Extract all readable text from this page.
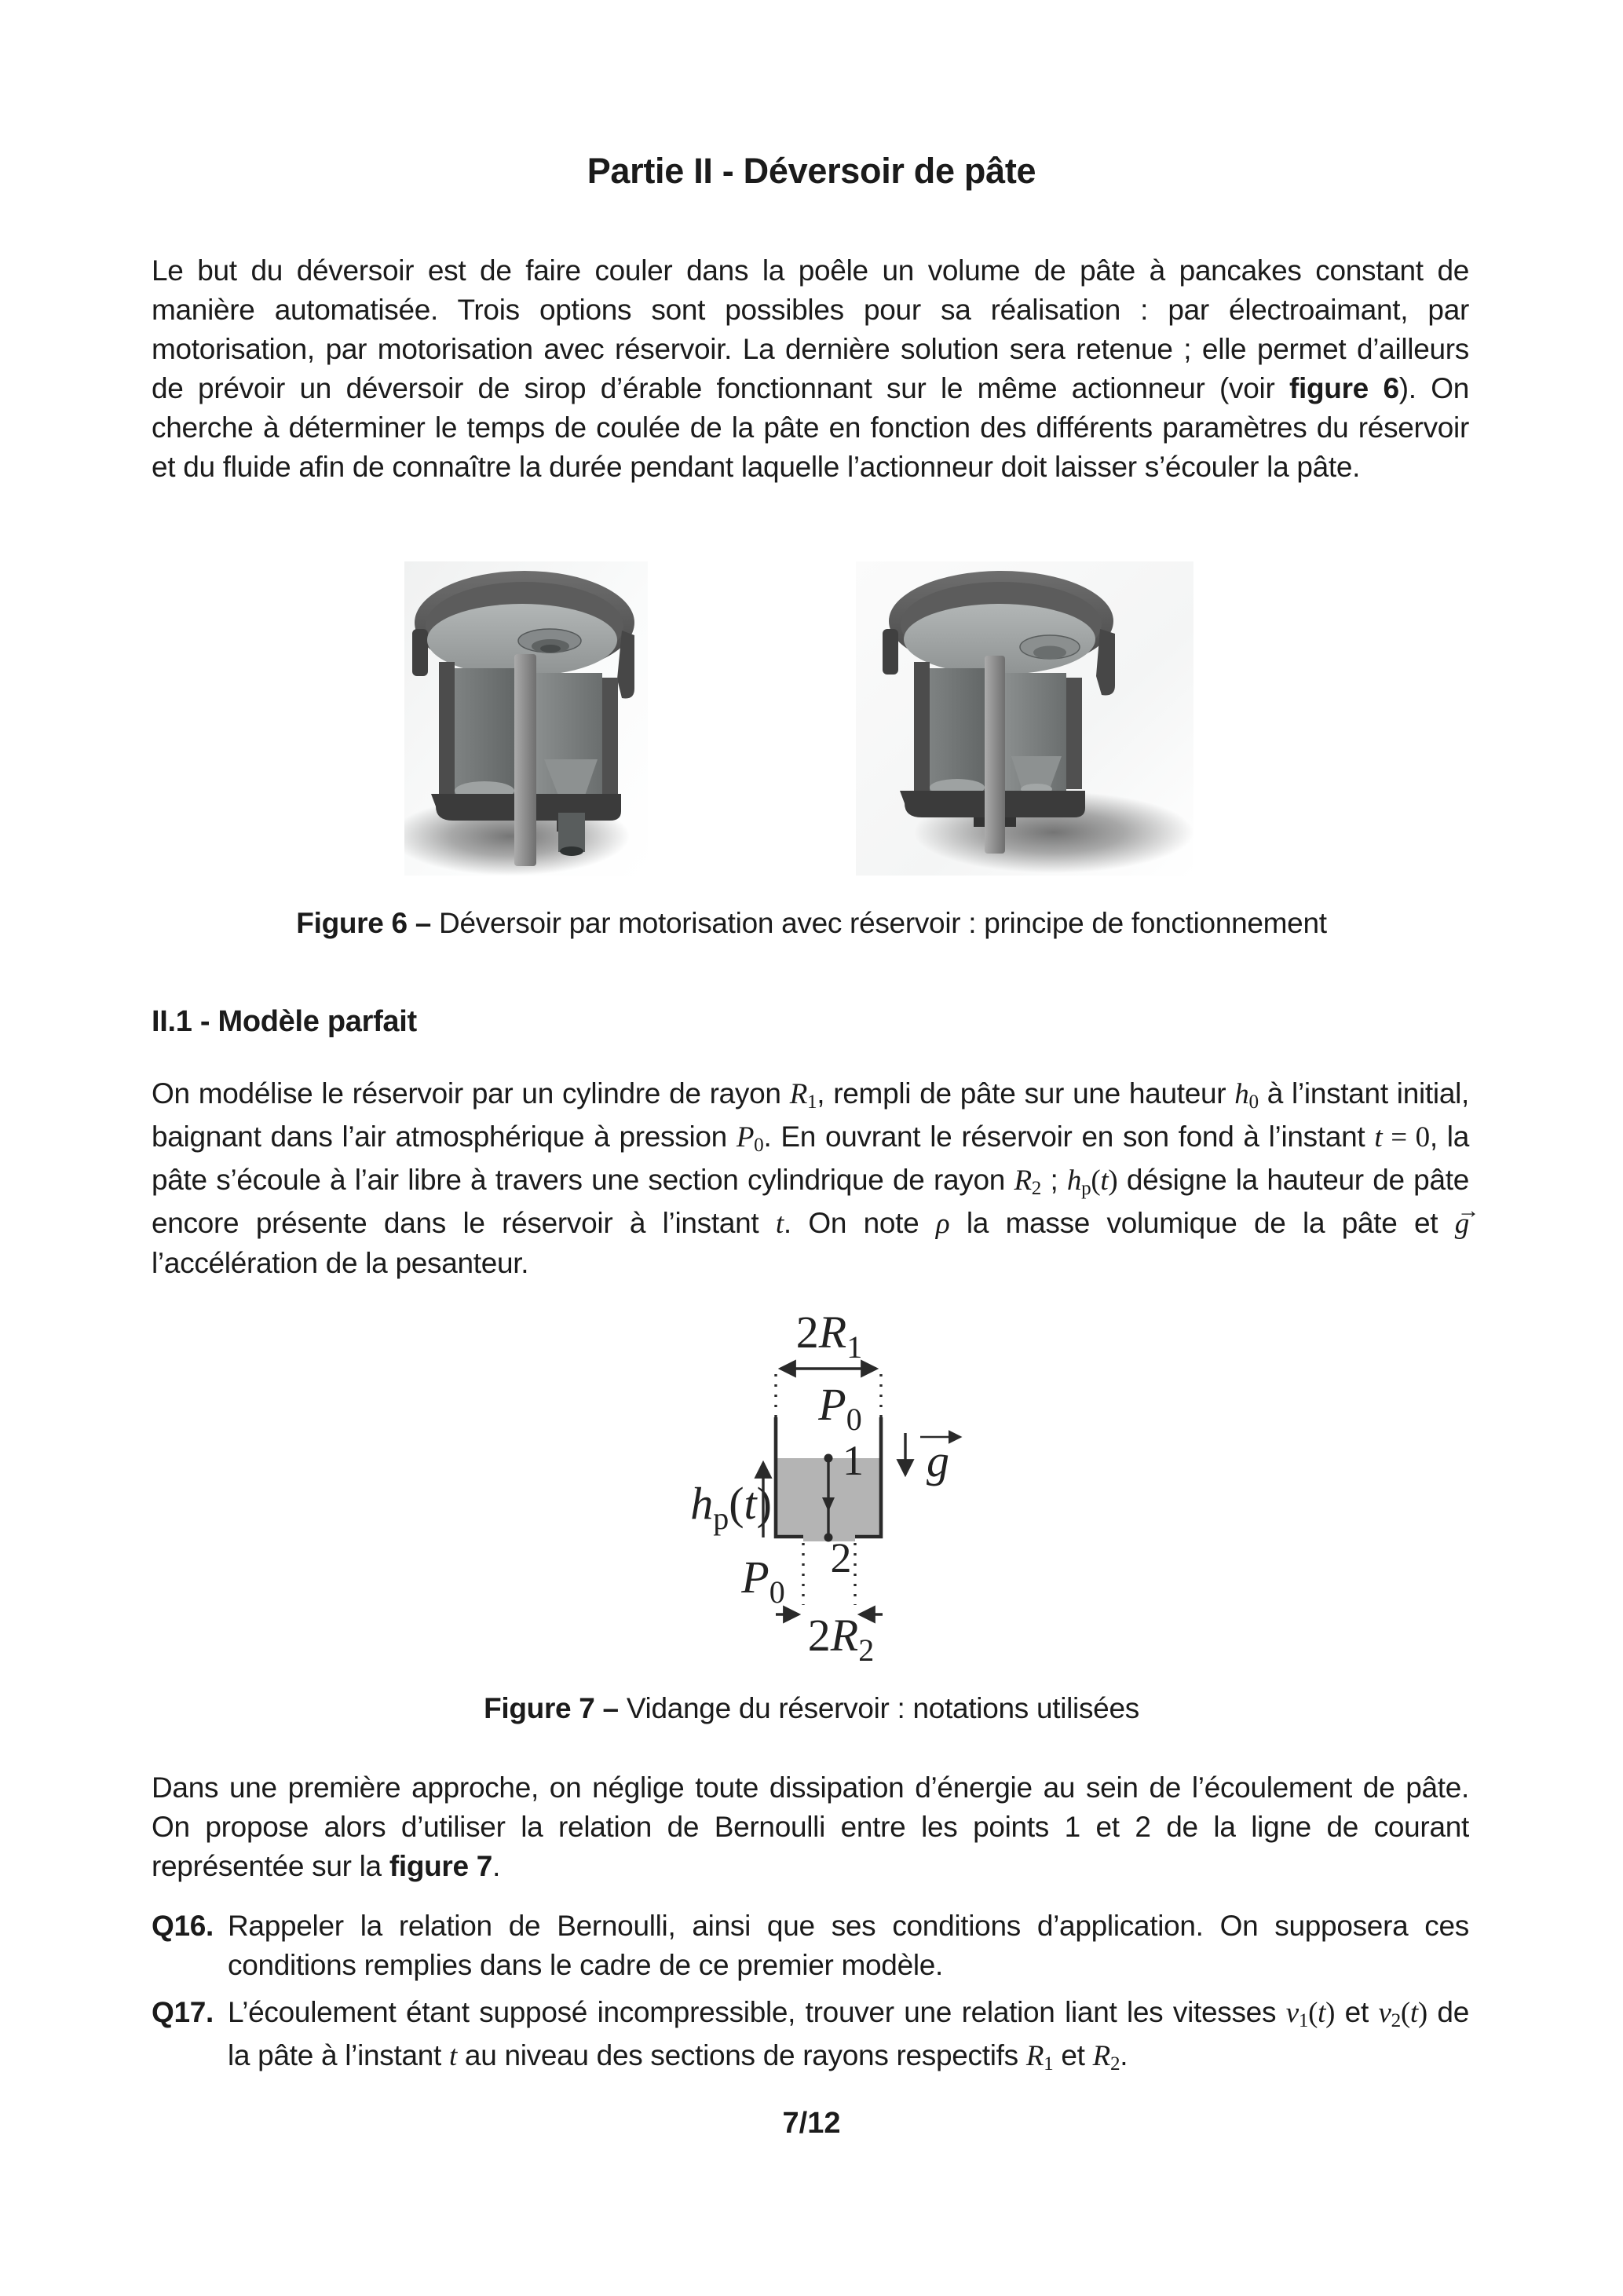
Partie II - Déversoir de pâte
Le but du déversoir est de faire couler dans la poêle un volume de pâte à pancakes constant de manière automatisée. Trois options sont possibles pour sa réalisation : par électroaimant, par motorisation, par motorisation avec réservoir. La dernière solution sera retenue ; elle permet d’ailleurs de prévoir un déversoir de sirop d’érable fonctionnant sur le même actionneur (voir figure 6). On cherche à déterminer le temps de coulée de la pâte en fonction des différents paramètres du réservoir et du fluide afin de connaître la durée pendant laquelle l’actionneur doit laisser s’écouler la pâte.
Figure 6 – Déversoir par motorisation avec réservoir : principe de fonctionnement
II.1 - Modèle parfait
On modélise le réservoir par un cylindre de rayon R1, rempli de pâte sur une hauteur h0 à l’instant initial, baignant dans l’air atmosphérique à pression P0. En ouvrant le réservoir en son fond à l’instant t = 0, la pâte s’écoule à l’air libre à travers une section cylindrique de rayon R2 ; hp(t) désigne la hauteur de pâte encore présente dans le réservoir à l’instant t. On note ρ la masse volumique de la pâte et g → l’accélération de la pesanteur.
$2R_1$
$P_0$
1
2
g
$h_p(t)$
$P_0$
$2R_2$
Figure 7 – Vidange du réservoir : notations utilisées
Dans une première approche, on néglige toute dissipation d’énergie au sein de l’écoulement de pâte. On propose alors d’utiliser la relation de Bernoulli entre les points 1 et 2 de la ligne de courant représentée sur la figure 7.
Q16. Rappeler la relation de Bernoulli, ainsi que ses conditions d’application. On supposera ces conditions remplies dans le cadre de ce premier modèle.
Q17. L’écoulement étant supposé incompressible, trouver une relation liant les vitesses v1(t) et v2(t) de la pâte à l’instant t au niveau des sections de rayons respectifs R1 et R2.
7/12
